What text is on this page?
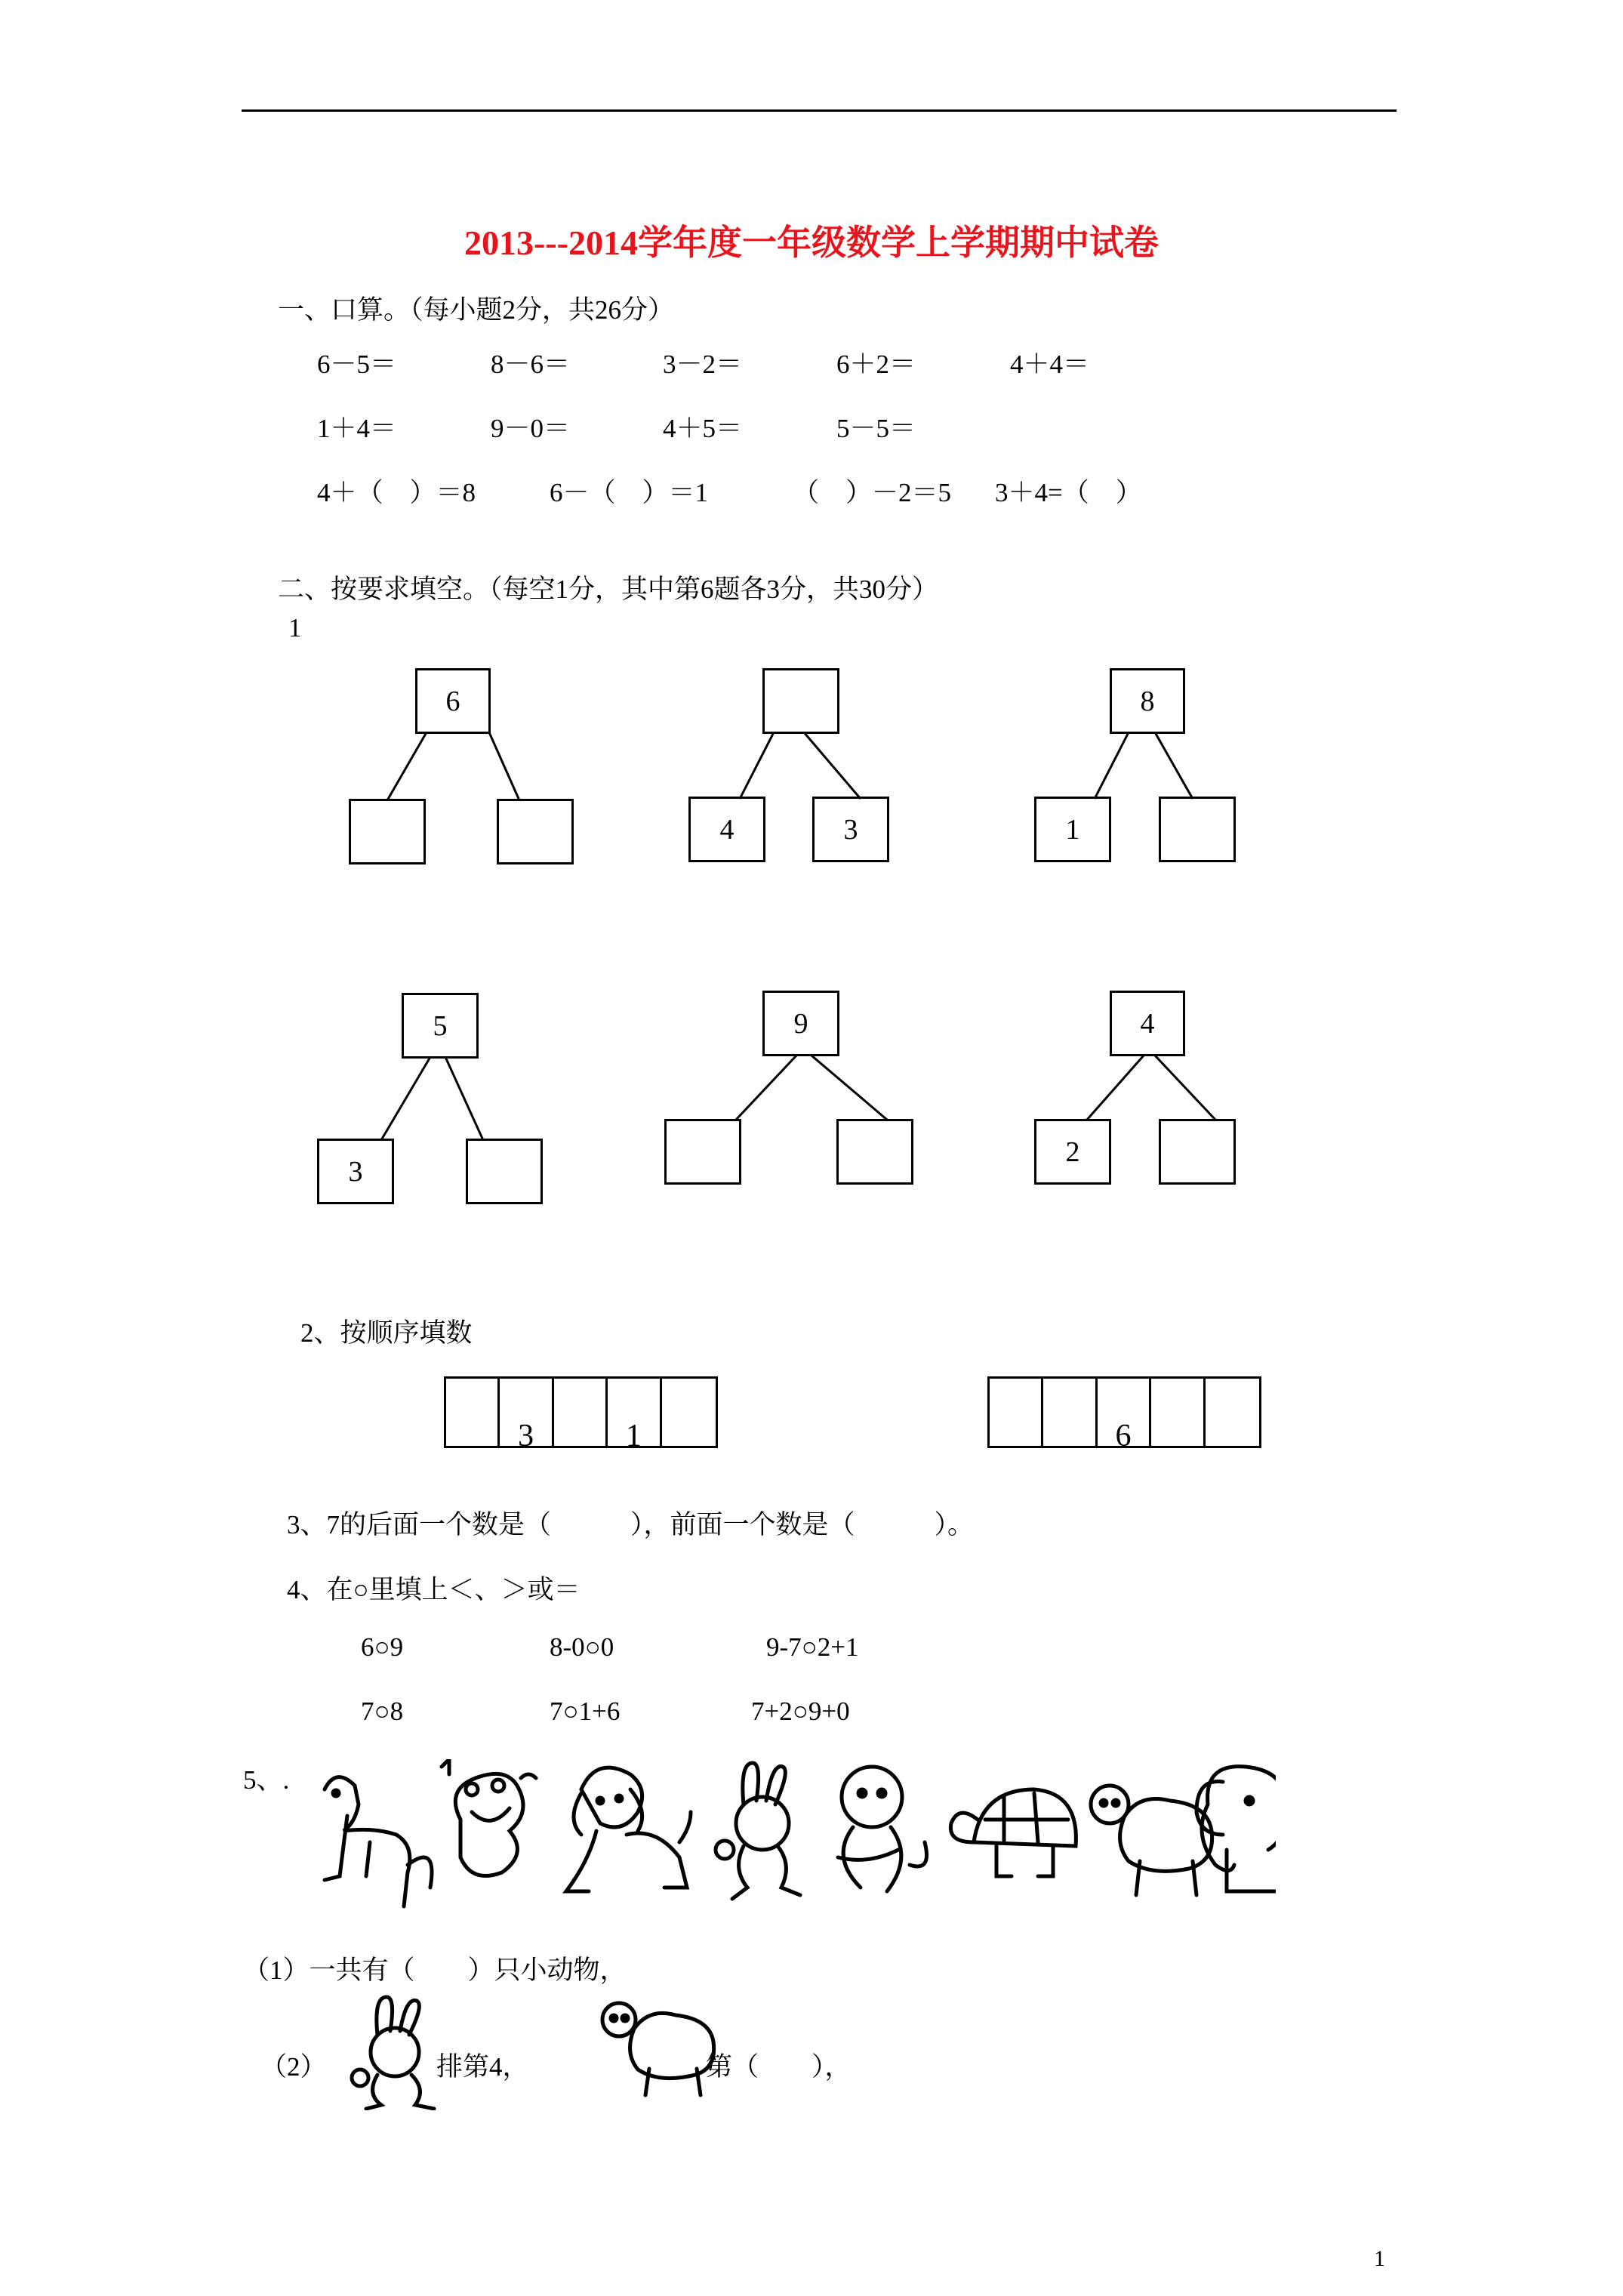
2013---2014学年度一年级数学上学期期中试卷
一、口算。（每小题2分，共26分）
6－5＝	8－6＝	3－2＝	6＋2＝	4＋4＝
1＋4＝	9－0＝	4＋5＝	5－5＝
4＋（　）＝8	6－（　）＝1	（　）－2＝5 3＋4=（　）
二、按要求填空。（每空1分，其中第6题各3分，共30分）
1
6
4	3
8
1
5
3
9	4
2
2、按顺序填数
3	1	6
3、7的后面一个数是（　　　），前面一个数是（　　　）。
4、在○里填上＜、＞或＝
6○9	8-0○0	9-7○2+1
7○8	7○1+6	7+2○9+0
5、.
（1）一共有（　　）只小动物，
（2）	排第4，	第（　　），
1
